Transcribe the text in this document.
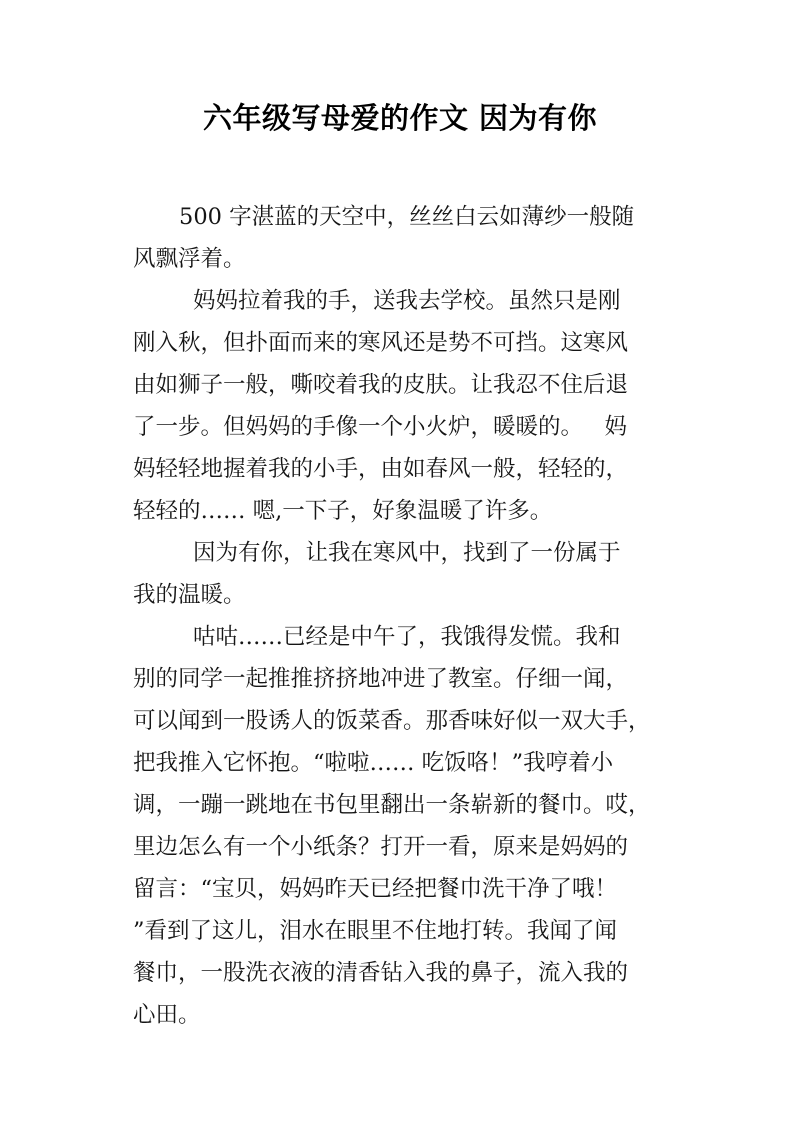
六年级写母爱的作文 因为有你
500 字湛蓝的天空中，丝丝白云如薄纱一般随
风飘浮着。
妈妈拉着我的手，送我去学校。虽然只是刚
刚入秋，但扑面而来的寒风还是势不可挡。这寒风
由如狮子一般，嘶咬着我的皮肤。让我忍不住后退
了一步。但妈妈的手像一个小火炉，暖暖的。   妈
妈轻轻地握着我的小手，由如春风一般，轻轻的，
轻轻的…… 嗯,一下子，好象温暖了许多。
因为有你，让我在寒风中，找到了一份属于
我的温暖。
咕咕……已经是中午了，我饿得发慌。我和
别的同学一起推推挤挤地冲进了教室。仔细一闻，
可以闻到一股诱人的饭菜香。那香味好似一双大手，
把我推入它怀抱。“啦啦…… 吃饭咯！”我哼着小
调，一蹦一跳地在书包里翻出一条崭新的餐巾。哎，
里边怎么有一个小纸条？打开一看，原来是妈妈的
留言：“宝贝，妈妈昨天已经把餐巾洗干净了哦！
”看到了这儿，泪水在眼里不住地打转。我闻了闻
餐巾，一股洗衣液的清香钻入我的鼻子，流入我的
心田。
